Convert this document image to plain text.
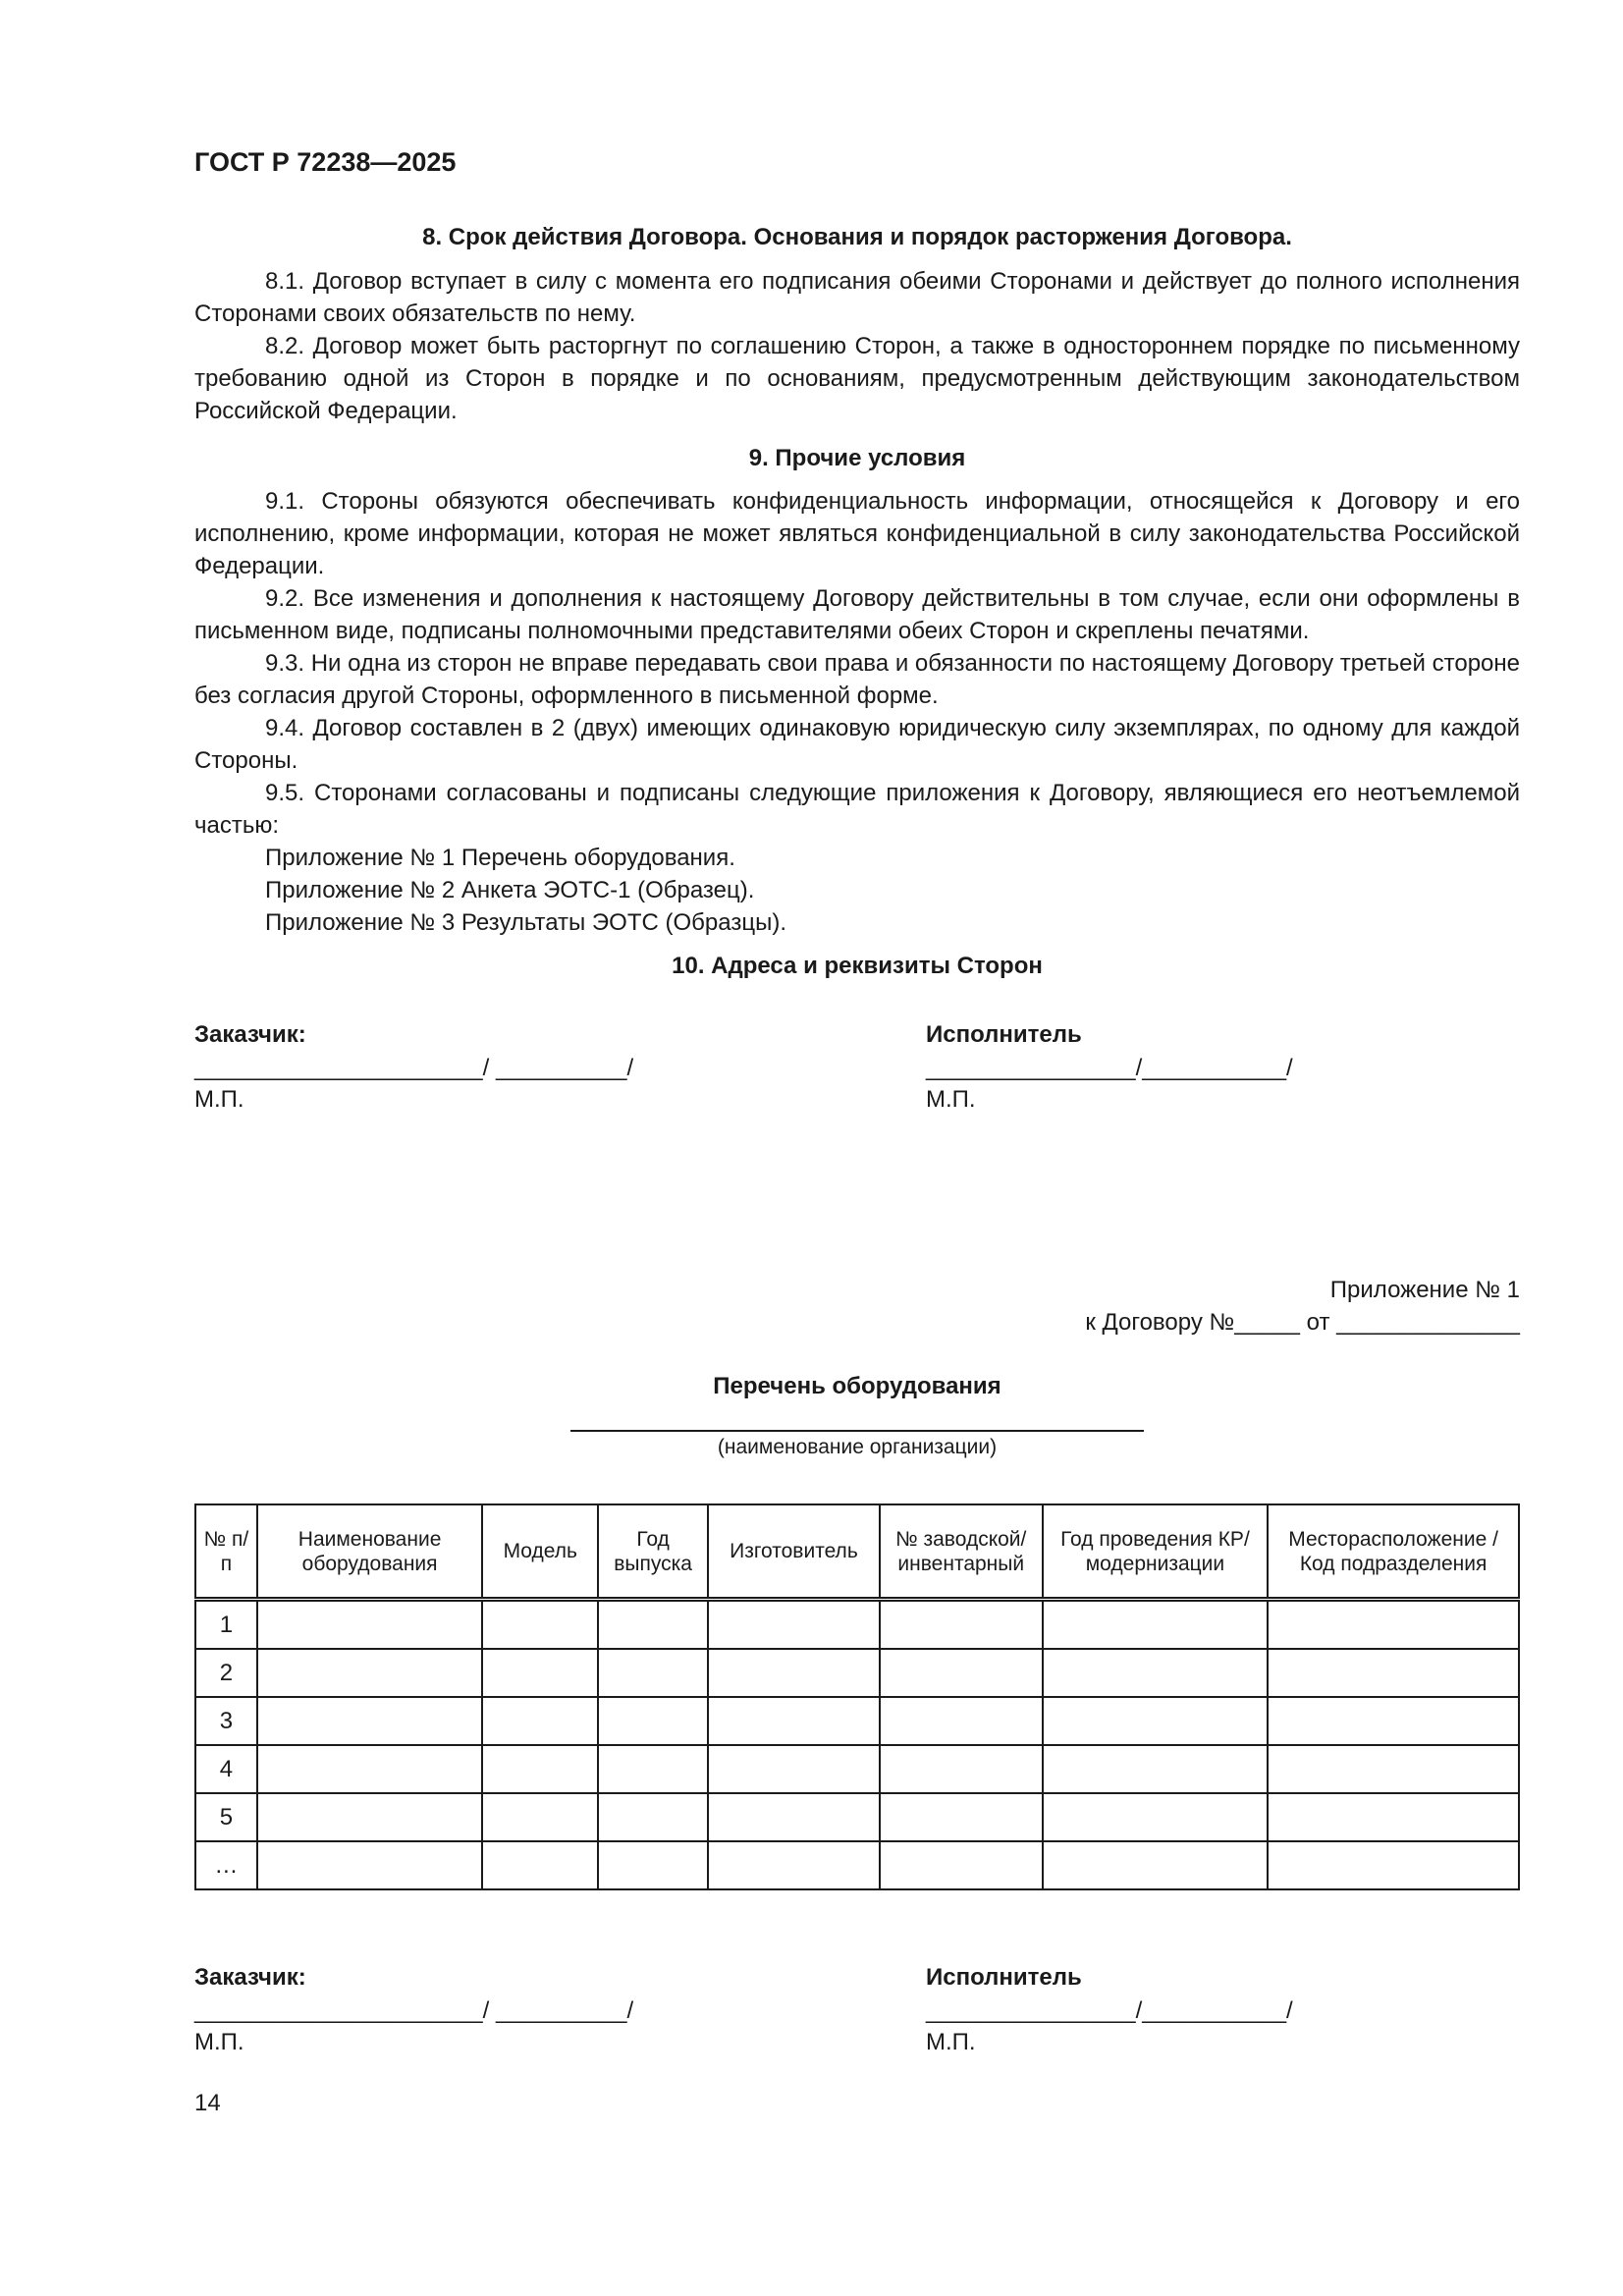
ГОСТ Р 72238—2025
8. Срок действия Договора. Основания и порядок расторжения Договора.
8.1. Договор вступает в силу с момента его подписания обеими Сторонами и действует до полного исполнения Сторонами своих обязательств по нему.
8.2. Договор может быть расторгнут по соглашению Сторон, а также в одностороннем порядке по письменному требованию одной из Сторон в порядке и по основаниям, предусмотренным действующим законодательством Российской Федерации.
9. Прочие условия
9.1. Стороны обязуются обеспечивать конфиденциальность информации, относящейся к Договору и его исполнению, кроме информации, которая не может являться конфиденциальной в силу законодательства Российской Федерации.
9.2. Все изменения и дополнения к настоящему Договору действительны в том случае, если они оформлены в письменном виде, подписаны полномочными представителями обеих Сторон и скреплены печатями.
9.3. Ни одна из сторон не вправе передавать свои права и обязанности по настоящему Договору третьей стороне без согласия другой Стороны, оформленного в письменной форме.
9.4. Договор составлен в 2 (двух) имеющих одинаковую юридическую силу экземплярах, по одному для каждой Стороны.
9.5. Сторонами согласованы и подписаны следующие приложения к Договору, являющиеся его неотъемлемой частью:
Приложение № 1 Перечень оборудования.
Приложение № 2 Анкета ЭОТС-1 (Образец).
Приложение № 3 Результаты ЭОТС (Образцы).
10. Адреса и реквизиты Сторон
Заказчик:
______________________/ __________/
М.П.
Исполнитель
________________/___________/
М.П.
Приложение № 1
к Договору №_____ от ______________
Перечень оборудования
(наименование организации)
№ п/п	Наименование оборудования	Модель	Год выпуска	Изготовитель	№ заводской/ инвентарный	Год проведения КР/ модернизации	Месторасположение / Код подразделения
1							
2							
3							
4							
5							
…							
Заказчик:
______________________/ __________/
М.П.
Исполнитель
________________/___________/
М.П.
14
